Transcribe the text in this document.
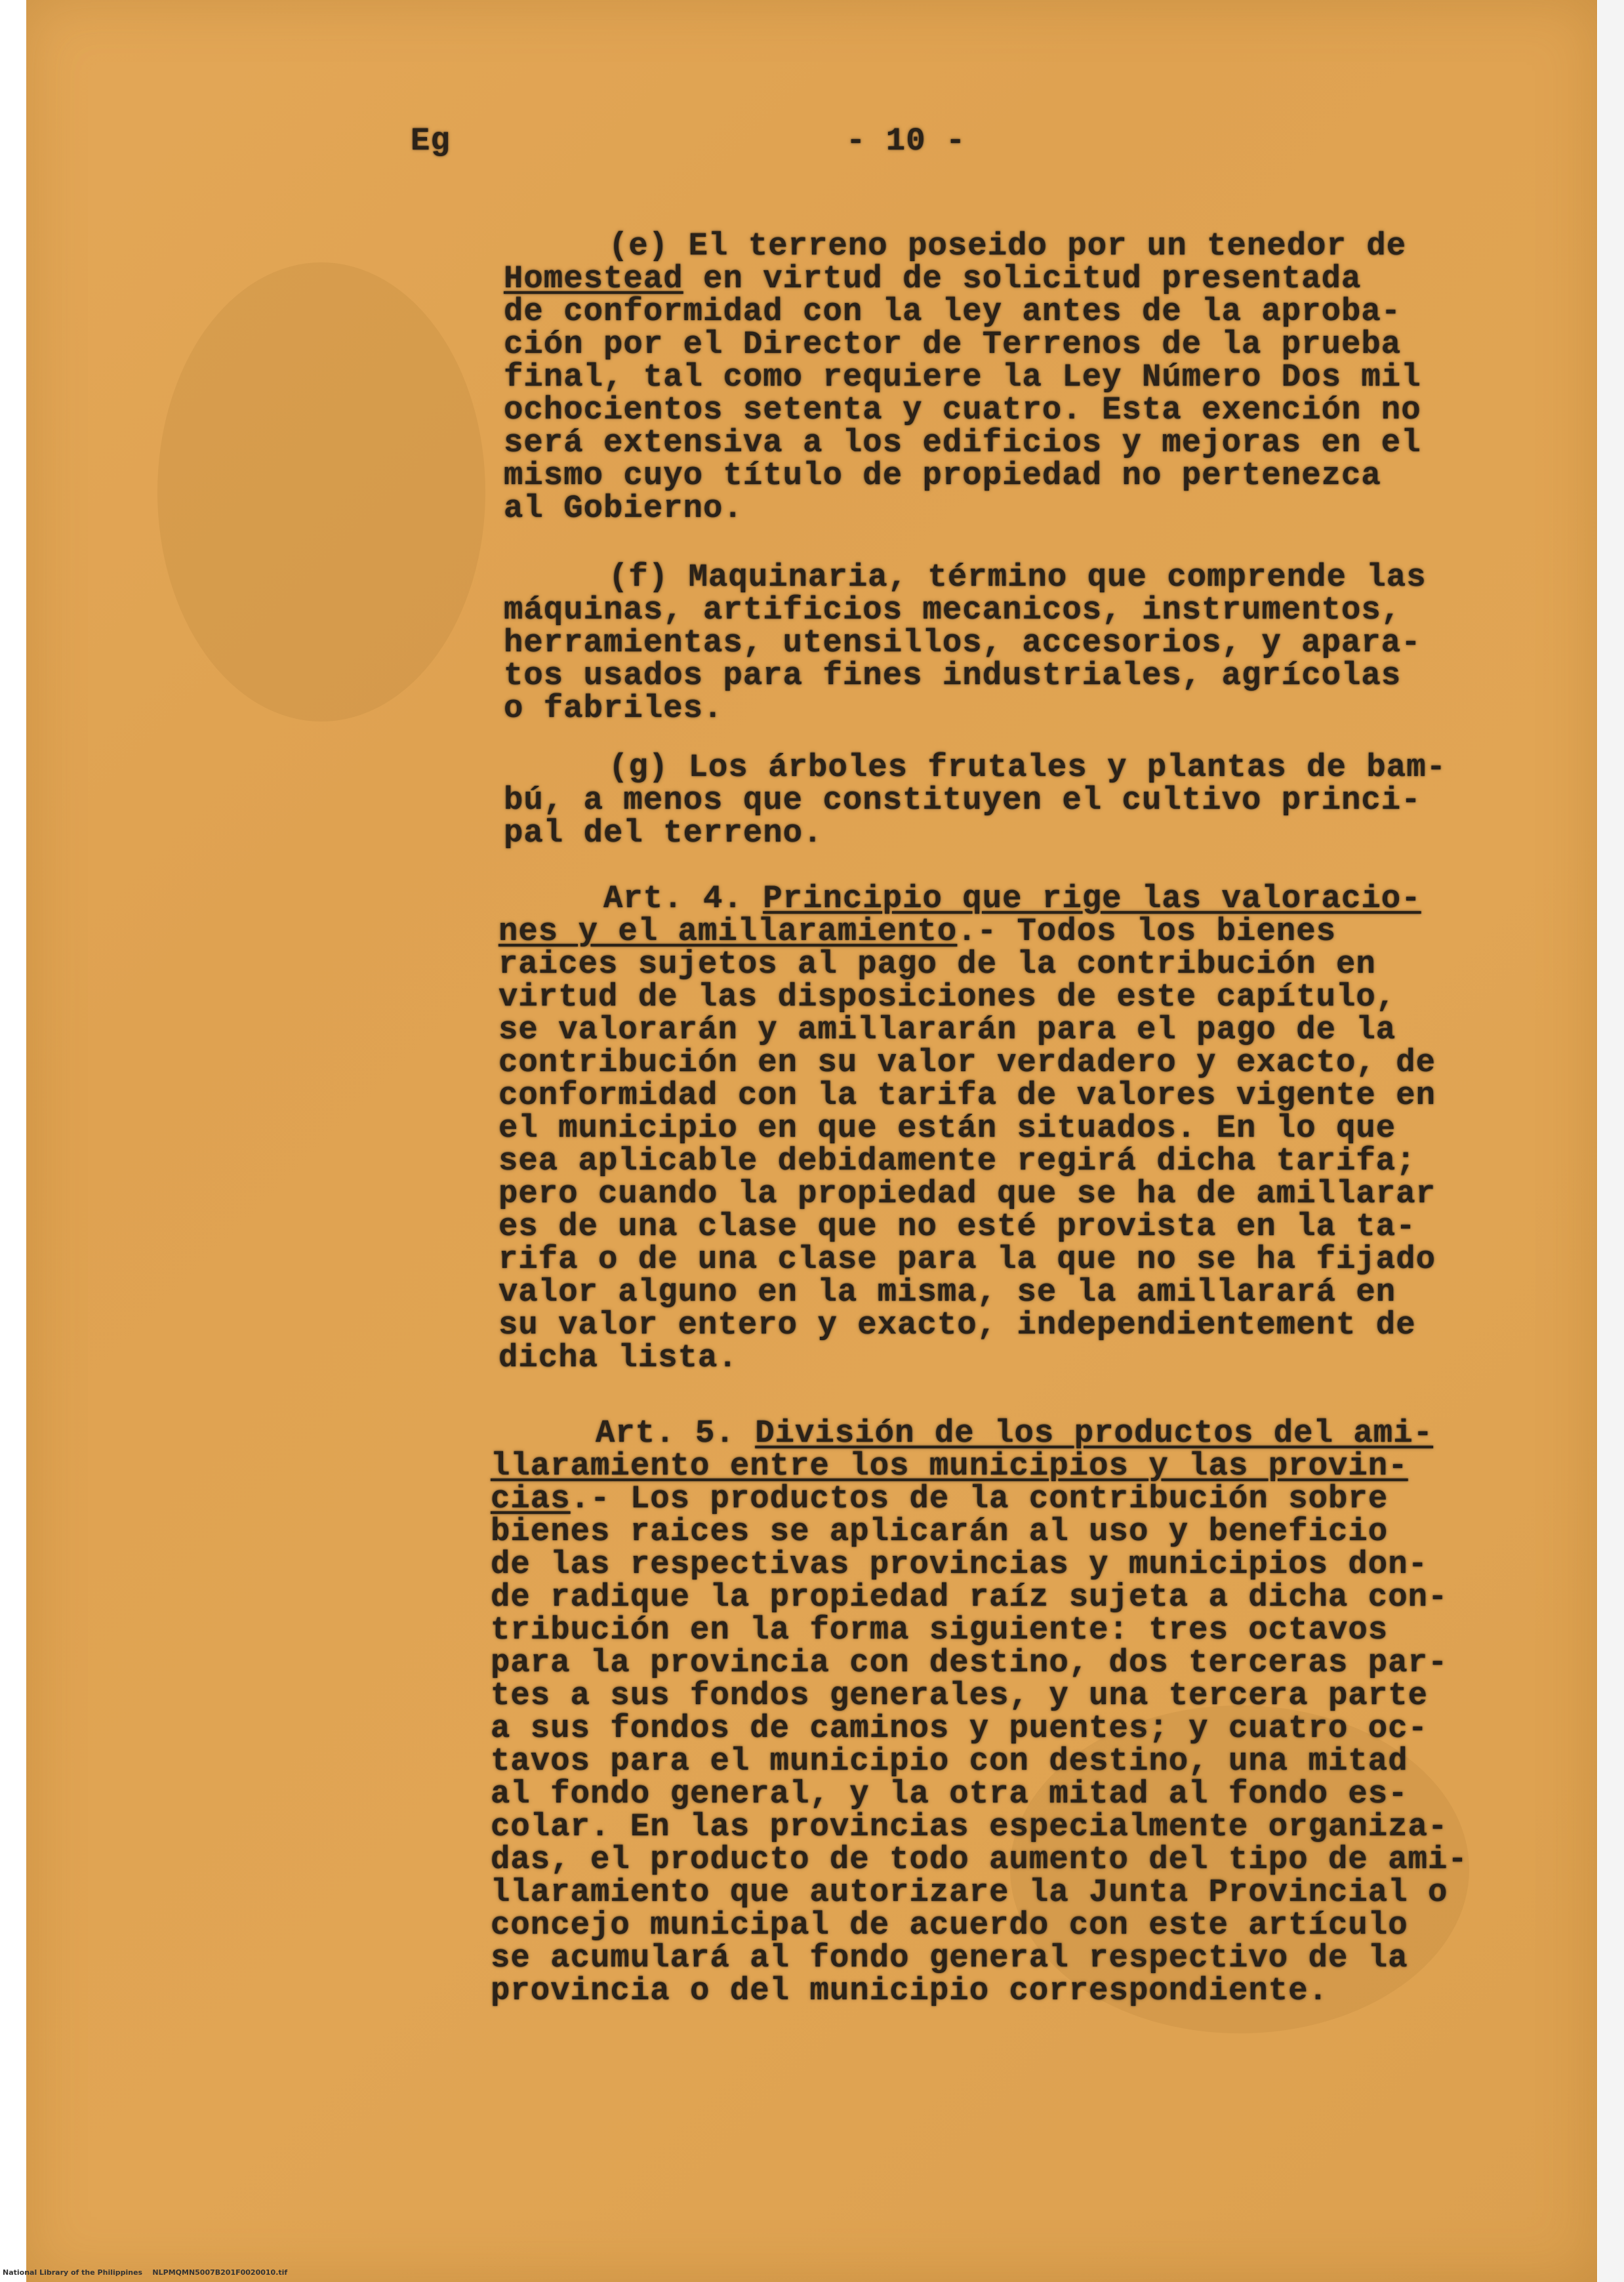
Eg	- 10 -
(e) El terreno poseido por un tenedor de
Homestead en virtud de solicitud presentada
de conformidad con la ley antes de la aproba-
ción por el Director de Terrenos de la prueba
final, tal como requiere la Ley Número Dos mil
ochocientos setenta y cuatro. Esta exención no
será extensiva a los edificios y mejoras en el
mismo cuyo título de propiedad no pertenezca
al Gobierno.
(f) Maquinaria, término que comprende las
máquinas, artificios mecanicos, instrumentos,
herramientas, utensillos, accesorios, y apara-
tos usados para fines industriales, agrícolas
o fabriles.
(g) Los árboles frutales y plantas de bam-
bú, a menos que constituyen el cultivo princi-
pal del terreno.
Art. 4. Principio que rige las valoracio-
nes y el amillaramiento.- Todos los bienes
raices sujetos al pago de la contribución en
virtud de las disposiciones de este capítulo,
se valorarán y amillararán para el pago de la
contribución en su valor verdadero y exacto, de
conformidad con la tarifa de valores vigente en
el municipio en que están situados. En lo que
sea aplicable debidamente regirá dicha tarifa;
pero cuando la propiedad que se ha de amillarar
es de una clase que no esté provista en la ta-
rifa o de una clase para la que no se ha fijado
valor alguno en la misma, se la amillarará en
su valor entero y exacto, independientement de
dicha lista.
Art. 5. División de los productos del ami-
llaramiento entre los municipios y las provin-
cias.- Los productos de la contribución sobre
bienes raices se aplicarán al uso y beneficio
de las respectivas provincias y municipios don-
de radique la propiedad raíz sujeta a dicha con-
tribución en la forma siguiente: tres octavos
para la provincia con destino, dos terceras par-
tes a sus fondos generales, y una tercera parte
a sus fondos de caminos y puentes; y cuatro oc-
tavos para el municipio con destino, una mitad
al fondo general, y la otra mitad al fondo es-
colar. En las provincias especialmente organiza-
das, el producto de todo aumento del tipo de ami-
llaramiento que autorizare la Junta Provincial o
concejo municipal de acuerdo con este artículo
se acumulará al fondo general respectivo de la
provincia o del municipio correspondiente.
National Library of the Philippines    NLPMQMN5007B201F0020010.tif
